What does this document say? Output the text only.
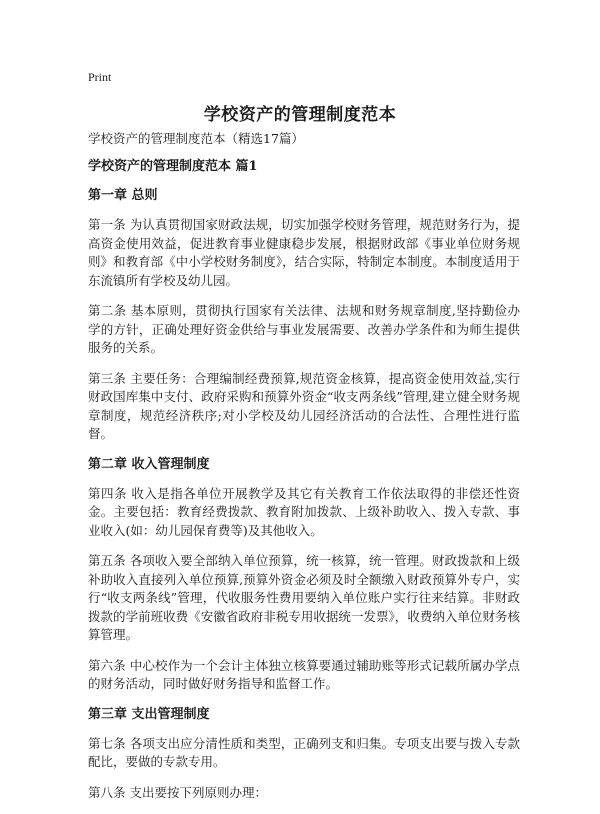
Print
学校资产的管理制度范本

学校资产的管理制度范本（精选17篇）

学校资产的管理制度范本 篇1

第一章 总则

第一条 为认真贯彻国家财政法规，切实加强学校财务管理，规范财务行为，提高资金使用效益，促进教育事业健康稳步发展，根据财政部《事业单位财务规则》和教育部《中小学校财务制度》，结合实际，特制定本制度。本制度适用于东流镇所有学校及幼儿园。

第二条 基本原则，贯彻执行国家有关法律、法规和财务规章制度,坚持勤俭办学的方针，正确处理好资金供给与事业发展需要、改善办学条件和为师生提供服务的关系。

第三条 主要任务：合理编制经费预算,规范资金核算，提高资金使用效益,实行财政国库集中支付、政府采购和预算外资金“收支两条线”管理,建立健全财务规章制度，规范经济秩序;对小学校及幼儿园经济活动的合法性、合理性进行监督。

第二章 收入管理制度

第四条 收入是指各单位开展教学及其它有关教育工作依法取得的非偿还性资金。主要包括：教育经费拨款、教育附加拨款、上级补助收入、拨入专款、事业收入(如：幼儿园保育费等)及其他收入。

第五条 各项收入要全部纳入单位预算，统一核算，统一管理。财政拨款和上级补助收入直接列入单位预算,预算外资金必须及时全额缴入财政预算外专户，实行“收支两条线”管理，代收服务性费用要纳入单位账户实行往来结算。非财政拨款的学前班收费《安徽省政府非税专用收据统一发票》，收费纳入单位财务核算管理。

第六条 中心校作为一个会计主体独立核算要通过辅助账等形式记载所属办学点的财务活动，同时做好财务指导和监督工作。

第三章 支出管理制度

第七条 各项支出应分清性质和类型，正确列支和归集。专项支出要与拨入专款配比，要做的专款专用。

第八条 支出要按下列原则办理：
